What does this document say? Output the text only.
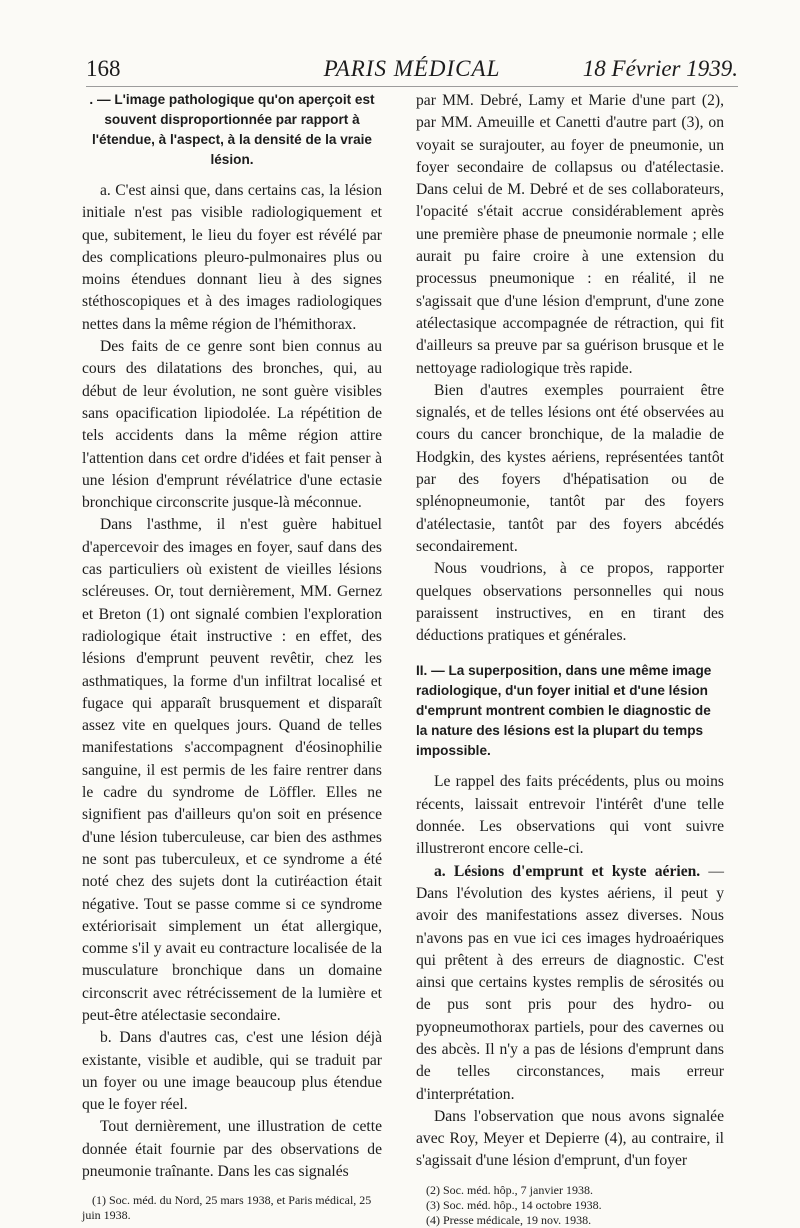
168	PARIS MÉDICAL	18 Février 1939.

. — L'image pathologique qu'on aperçoit est souvent disproportionnée par rapport à l'étendue, à l'aspect, à la densité de la vraie lésion.

a. C'est ainsi que, dans certains cas, la lésion initiale n'est pas visible radiologiquement et que, subitement, le lieu du foyer est révélé par des complications pleuro-pulmonaires plus ou moins étendues donnant lieu à des signes stéthoscopiques et à des images radiologiques nettes dans la même région de l'hémithorax.

Des faits de ce genre sont bien connus au cours des dilatations des bronches, qui, au début de leur évolution, ne sont guère visibles sans opacification lipiodolée. La répétition de tels accidents dans la même région attire l'attention dans cet ordre d'idées et fait penser à une lésion d'emprunt révélatrice d'une ectasie bronchique circonscrite jusque-là méconnue.

Dans l'asthme, il n'est guère habituel d'apercevoir des images en foyer, sauf dans des cas particuliers où existent de vieilles lésions scléreuses. Or, tout dernièrement, MM. Gernez et Breton (1) ont signalé combien l'exploration radiologique était instructive : en effet, des lésions d'emprunt peuvent revêtir, chez les asthmatiques, la forme d'un infiltrat localisé et fugace qui apparaît brusquement et disparaît assez vite en quelques jours. Quand de telles manifestations s'accompagnent d'éosinophilie sanguine, il est permis de les faire rentrer dans le cadre du syndrome de Löffler. Elles ne signifient pas d'ailleurs qu'on soit en présence d'une lésion tuberculeuse, car bien des asthmes ne sont pas tuberculeux, et ce syndrome a été noté chez des sujets dont la cutiréaction était négative. Tout se passe comme si ce syndrome extériorisait simplement un état allergique, comme s'il y avait eu contracture localisée de la musculature bronchique dans un domaine circonscrit avec rétrécissement de la lumière et peut-être atélectasie secondaire.

b. Dans d'autres cas, c'est une lésion déjà existante, visible et audible, qui se traduit par un foyer ou une image beaucoup plus étendue que le foyer réel.

Tout dernièrement, une illustration de cette donnée était fournie par des observations de pneumonie traînante. Dans les cas signalés

(1) Soc. méd. du Nord, 25 mars 1938, et Paris médical, 25 juin 1938.

par MM. Debré, Lamy et Marie d'une part (2), par MM. Ameuille et Canetti d'autre part (3), on voyait se surajouter, au foyer de pneumonie, un foyer secondaire de collapsus ou d'atélectasie. Dans celui de M. Debré et de ses collaborateurs, l'opacité s'était accrue considérablement après une première phase de pneumonie normale ; elle aurait pu faire croire à une extension du processus pneumonique : en réalité, il ne s'agissait que d'une lésion d'emprunt, d'une zone atélectasique accompagnée de rétraction, qui fit d'ailleurs sa preuve par sa guérison brusque et le nettoyage radiologique très rapide.

Bien d'autres exemples pourraient être signalés, et de telles lésions ont été observées au cours du cancer bronchique, de la maladie de Hodgkin, des kystes aériens, représentées tantôt par des foyers d'hépatisation ou de splénopneumonie, tantôt par des foyers d'atélectasie, tantôt par des foyers abcédés secondairement.

Nous voudrions, à ce propos, rapporter quelques observations personnelles qui nous paraissent instructives, en en tirant des déductions pratiques et générales.

II. — La superposition, dans une même image radiologique, d'un foyer initial et d'une lésion d'emprunt montrent combien le diagnostic de la nature des lésions est la plupart du temps impossible.

Le rappel des faits précédents, plus ou moins récents, laissait entrevoir l'intérêt d'une telle donnée. Les observations qui vont suivre illustreront encore celle-ci.

a. Lésions d'emprunt et kyste aérien. — Dans l'évolution des kystes aériens, il peut y avoir des manifestations assez diverses. Nous n'avons pas en vue ici ces images hydroaériques qui prêtent à des erreurs de diagnostic. C'est ainsi que certains kystes remplis de sérosités ou de pus sont pris pour des hydro- ou pyopneumothorax partiels, pour des cavernes ou des abcès. Il n'y a pas de lésions d'emprunt dans de telles circonstances, mais erreur d'interprétation.

Dans l'observation que nous avons signalée avec Roy, Meyer et Depierre (4), au contraire, il s'agissait d'une lésion d'emprunt, d'un foyer

(2) Soc. méd. hôp., 7 janvier 1938.

(3) Soc. méd. hôp., 14 octobre 1938.

(4) Presse médicale, 19 nov. 1938.
